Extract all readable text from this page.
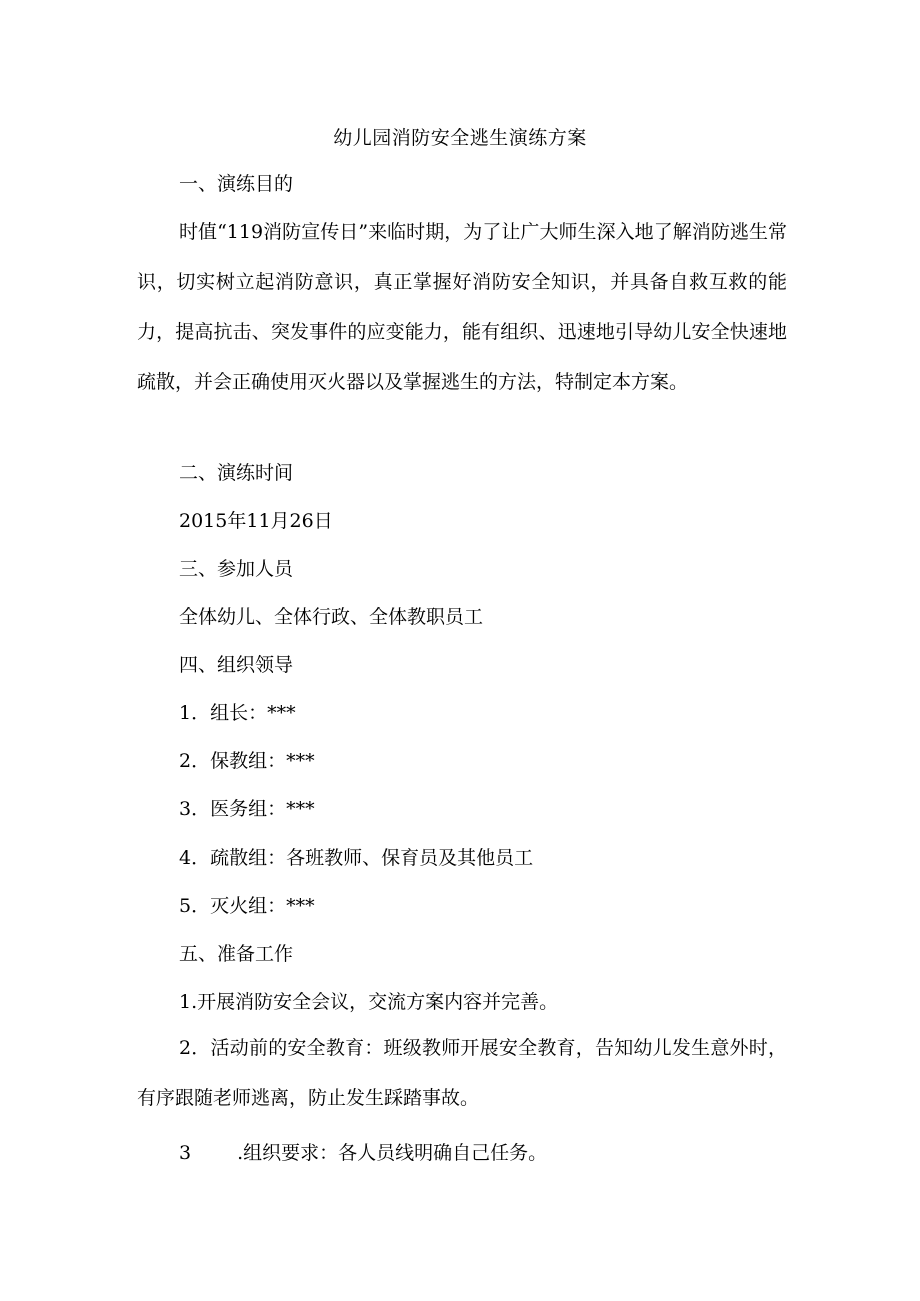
幼儿园消防安全逃生演练方案
一、演练目的
时值“119消防宣传日”来临时期，为了让广大师生深入地了解消防逃生常识，切实树立起消防意识，真正掌握好消防安全知识，并具备自救互救的能力，提高抗击、突发事件的应变能力，能有组织、迅速地引导幼儿安全快速地疏散，并会正确使用灭火器以及掌握逃生的方法，特制定本方案。
二、演练时间
2015年11月26日
三、参加人员
全体幼儿、全体行政、全体教职员工
四、组织领导
1．组长：***
2．保教组：***
3．医务组：***
4．疏散组：各班教师、保育员及其他员工
5．灭火组：***
五、准备工作
1.开展消防安全会议，交流方案内容并完善。
2．活动前的安全教育：班级教师开展安全教育，告知幼儿发生意外时，有序跟随老师逃离，防止发生踩踏事故。
3 .组织要求：各人员线明确自己任务。
